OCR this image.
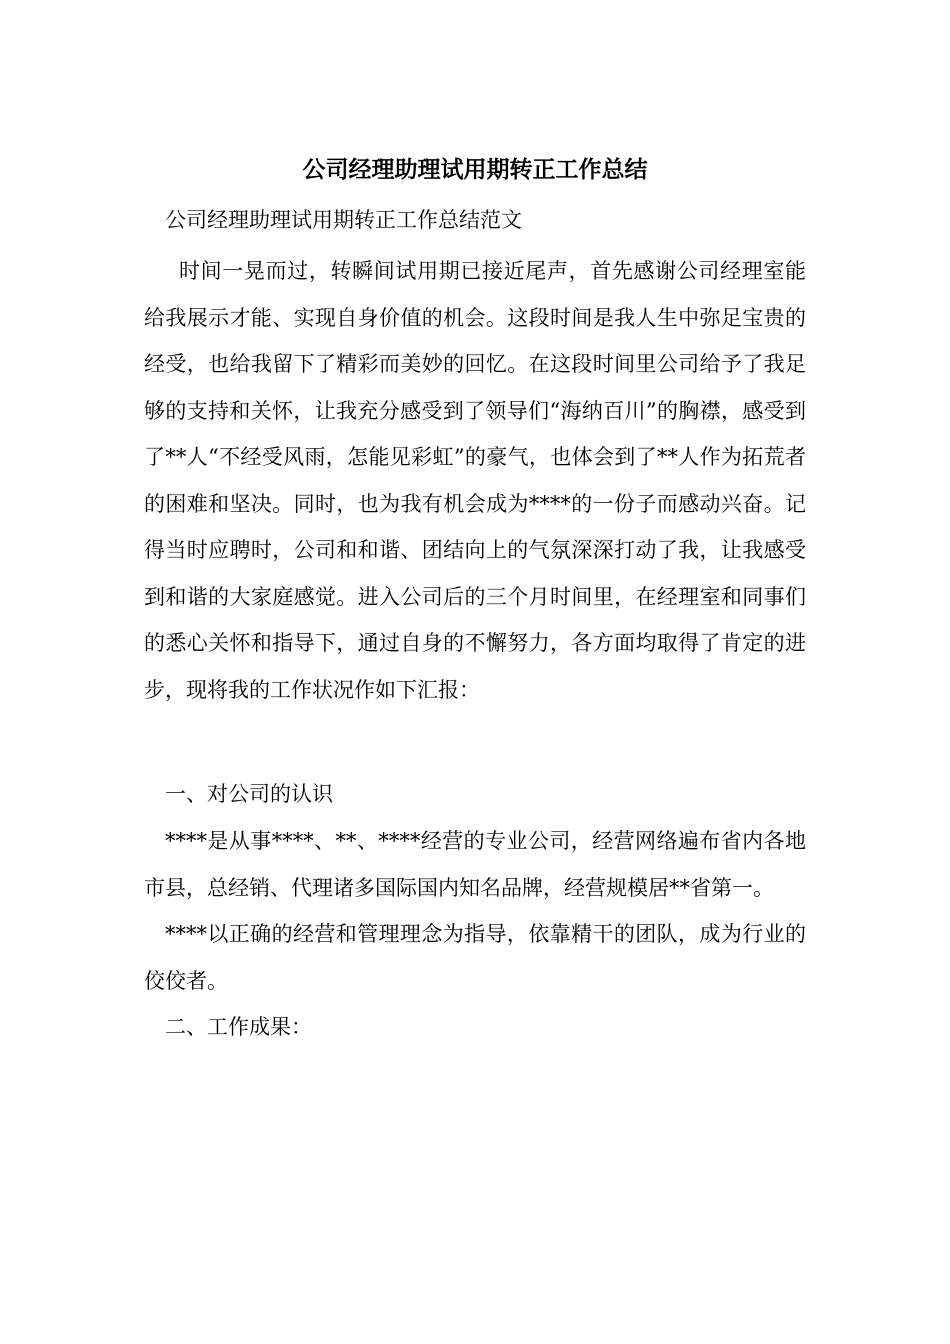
公司经理助理试用期转正工作总结

公司经理助理试用期转正工作总结范文

时间一晃而过，转瞬间试用期已接近尾声，首先感谢公司经理室能给我展示才能、实现自身价值的机会。这段时间是我人生中弥足宝贵的经受，也给我留下了精彩而美妙的回忆。在这段时间里公司给予了我足够的支持和关怀，让我充分感受到了领导们“海纳百川”的胸襟，感受到了**人“不经受风雨，怎能见彩虹”的豪气，也体会到了**人作为拓荒者的困难和坚决。同时，也为我有机会成为****的一份子而感动兴奋。记得当时应聘时，公司和和谐、团结向上的气氛深深打动了我，让我感受到和谐的大家庭感觉。进入公司后的三个月时间里，在经理室和同事们的悉心关怀和指导下，通过自身的不懈努力，各方面均取得了肯定的进步，现将我的工作状况作如下汇报：

一、对公司的认识

****是从事****、**、****经营的专业公司，经营网络遍布省内各地市县，总经销、代理诸多国际国内知名品牌，经营规模居**省第一。

****以正确的经营和管理理念为指导，依靠精干的团队，成为行业的佼佼者。

二、工作成果：
